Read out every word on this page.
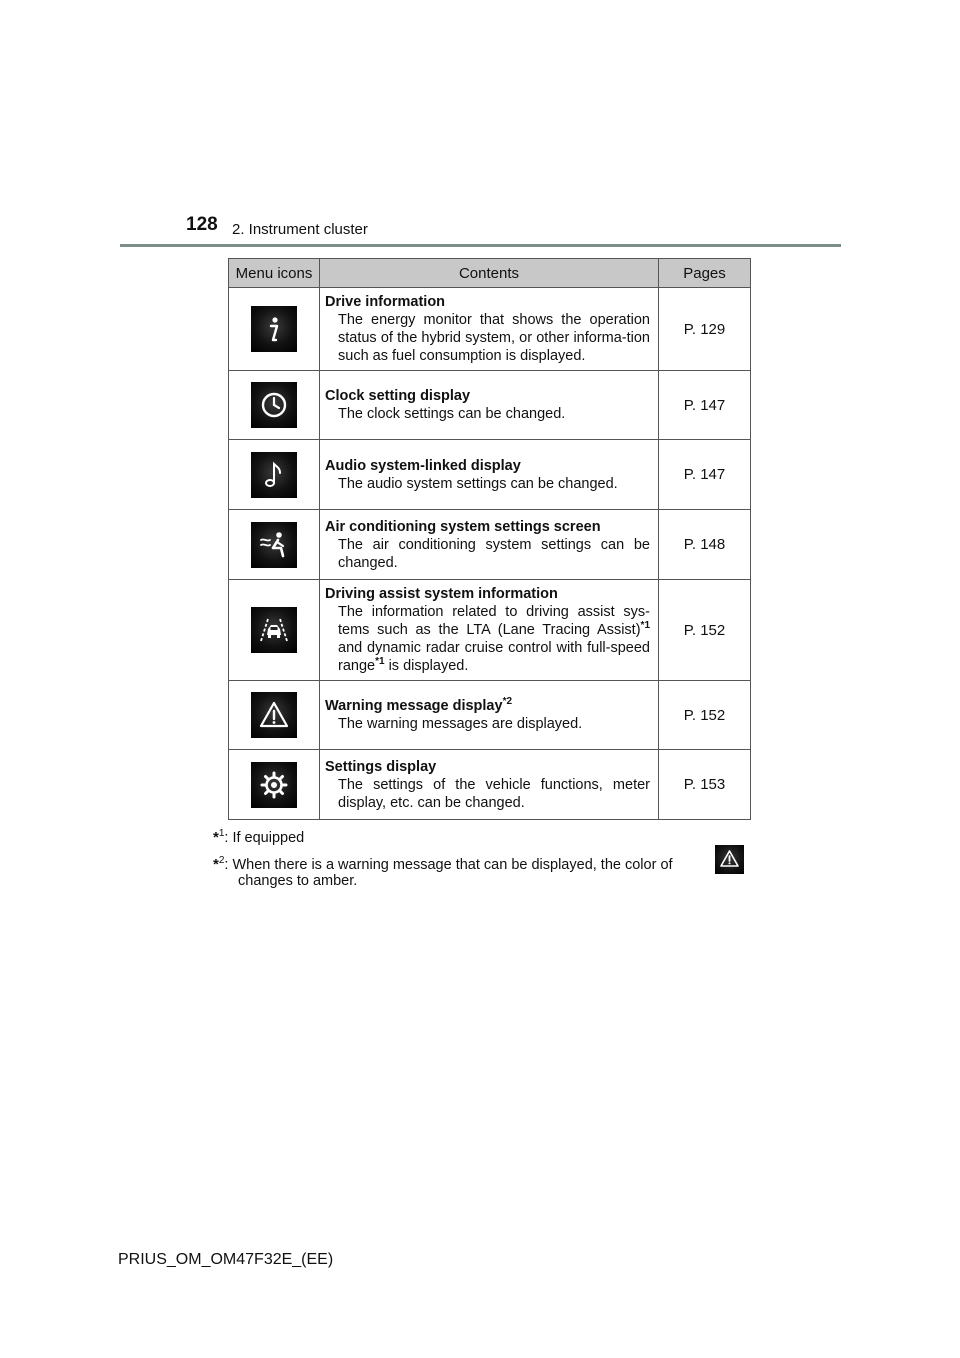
128 2. Instrument cluster
Menu icons	Contents	Pages

Drive information
The energy monitor that shows the operation status of the hybrid system, or other informa-tion such as fuel consumption is displayed.	P. 129

Clock setting display
The clock settings can be changed.	P. 147

Audio system-linked display
The audio system settings can be changed.	P. 147

Air conditioning system settings screen
The air conditioning system settings can be changed.	P. 148

Driving assist system information
The information related to driving assist sys-tems such as the LTA (Lane Tracing Assist)$^{*1}$ and dynamic radar cruise control with full-speed range$^{*1}$ is displayed.	P. 152

Warning message display$^{*2}$
The warning messages are displayed.	P. 152

Settings display
The settings of the vehicle functions, meter display, etc. can be changed.	P. 153
*$^1$: If equipped
*$^2$: When there is a warning message that can be displayed, the color of
changes to amber.
PRIUS_OM_OM47F32E_(EE)
